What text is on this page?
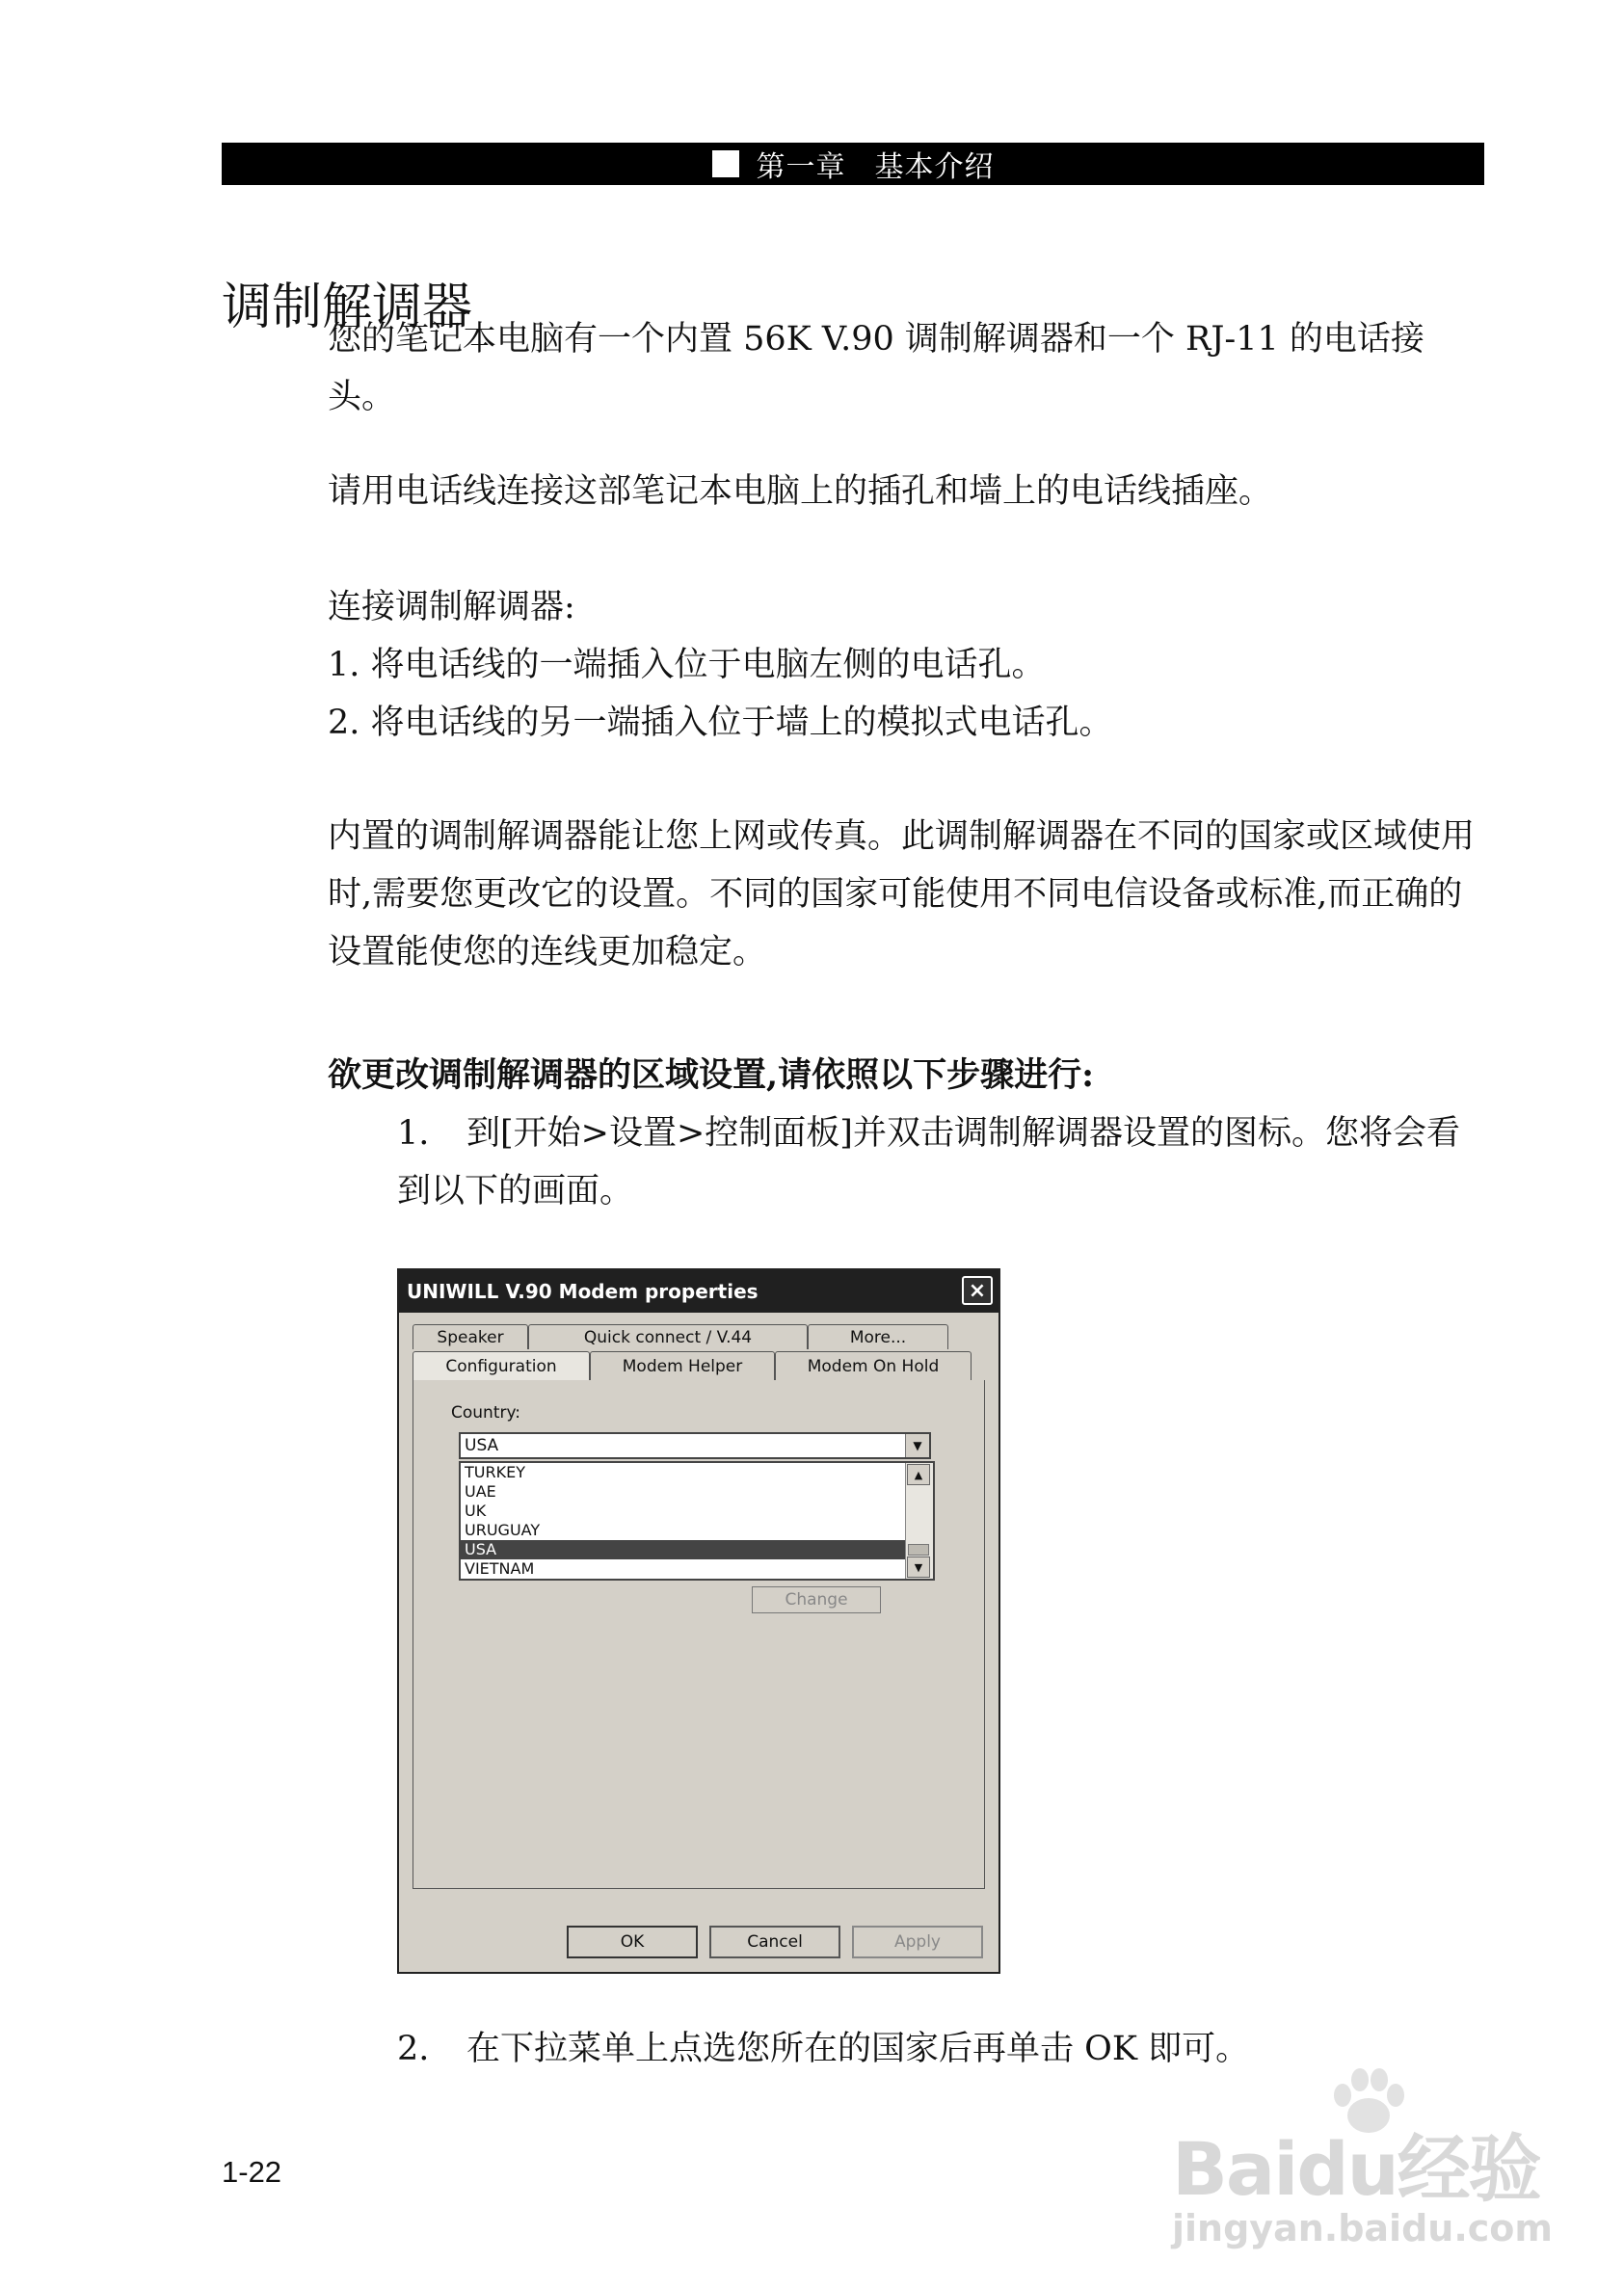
第一章 基本介绍
调制解调器

您的笔记本电脑有一个内置 56K V.90 调制解调器和一个 RJ-11 的电话接头。

请用电话线连接这部笔记本电脑上的插孔和墙上的电话线插座。

连接调制解调器:

1. 将电话线的一端插入位于电脑左侧的电话孔。

2. 将电话线的另一端插入位于墙上的模拟式电话孔。

内置的调制解调器能让您上网或传真。此调制解调器在不同的国家或区域使用时,需要您更改它的设置。不同的国家可能使用不同电信设备或标准,而正确的设置能使您的连线更加稳定。

欲更改调制解调器的区域设置,请依照以下步骤进行:

1. 到[开始>设置>控制面板]并双击调制解调器设置的图标。您将会看到以下的画面。

UNIWILL V.90 Modem properties	×
Speaker	Quick connect / V.44	More...
Configuration	Modem Helper	Modem On Hold
Country:
USA	▼
TURKEY
UAE
UK
URUGUAY
USA
VIETNAM
▲
▼
Change
OK	Cancel	Apply

2. 在下拉菜单上点选您所在的国家后再单击 OK 即可。

1-22	Baidu经验
jingyan.baidu.com
